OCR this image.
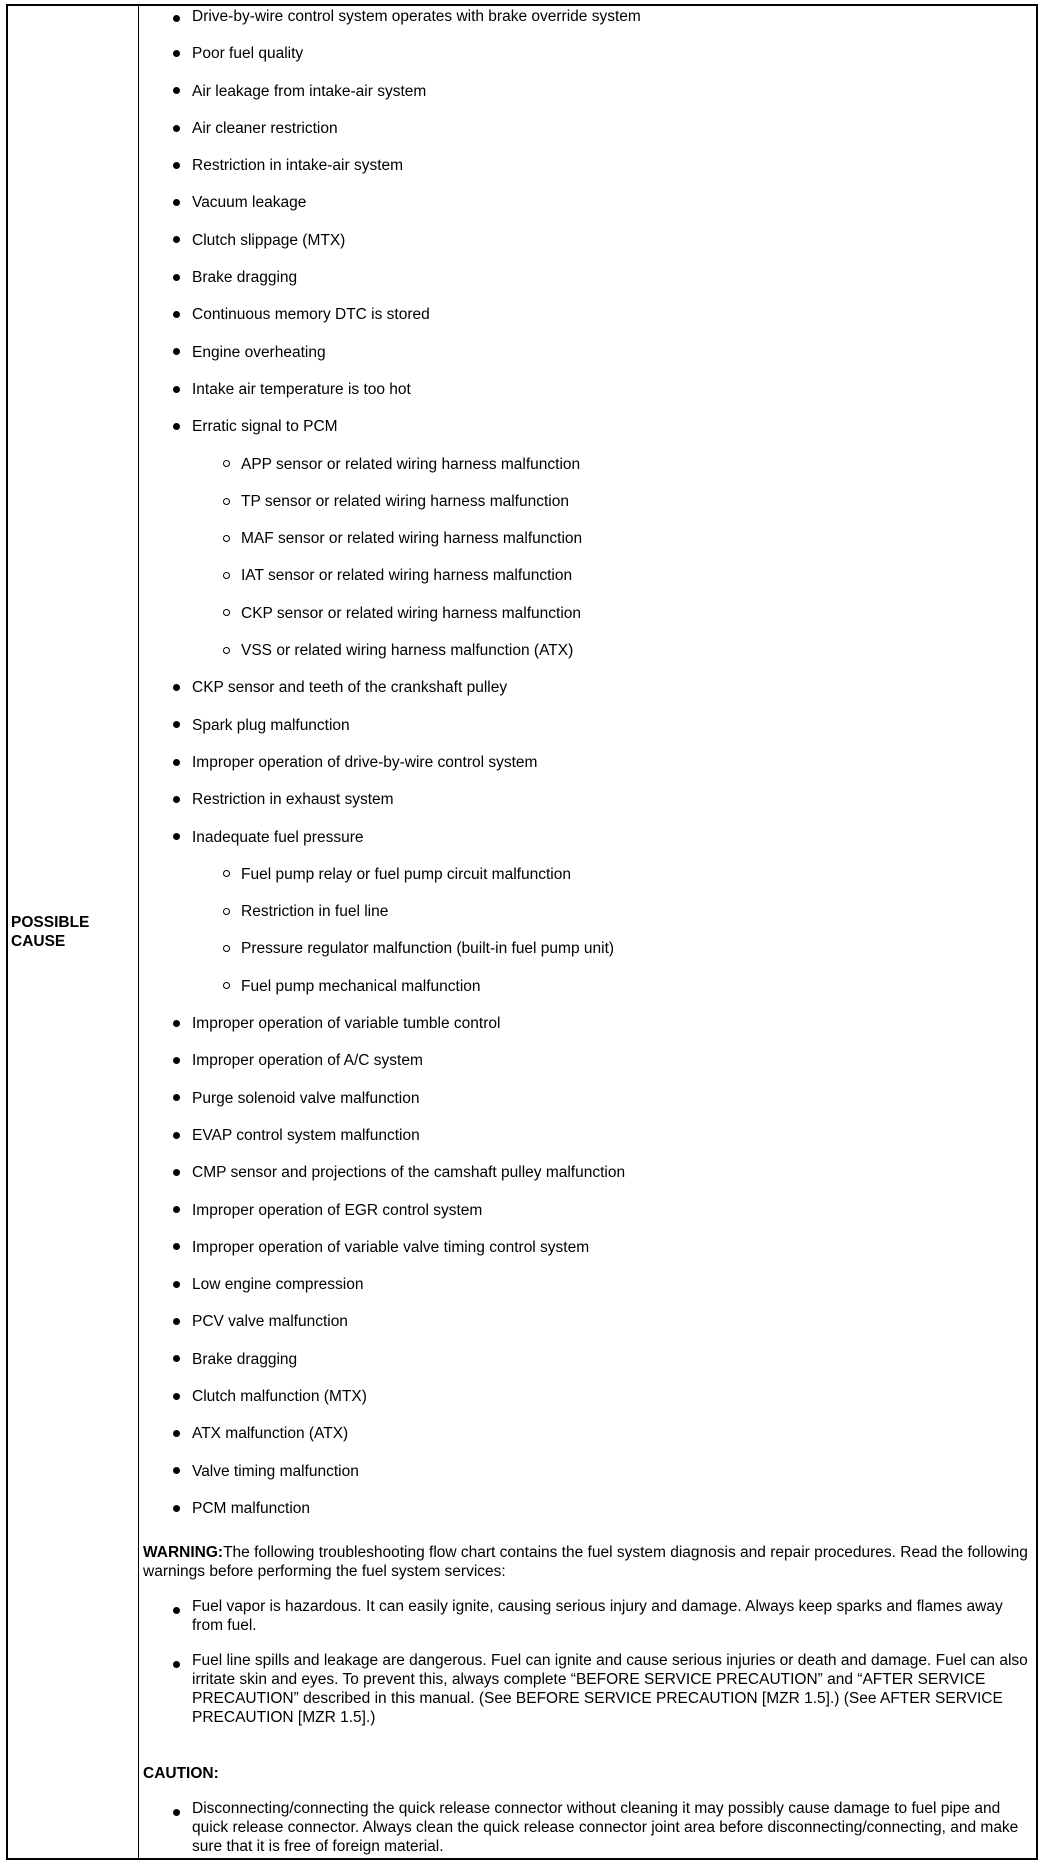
POSSIBLE
CAUSE
Drive-by-wire control system operates with brake override system
Poor fuel quality
Air leakage from intake-air system
Air cleaner restriction
Restriction in intake-air system
Vacuum leakage
Clutch slippage (MTX)
Brake dragging
Continuous memory DTC is stored
Engine overheating
Intake air temperature is too hot
Erratic signal to PCM
APP sensor or related wiring harness malfunction
TP sensor or related wiring harness malfunction
MAF sensor or related wiring harness malfunction
IAT sensor or related wiring harness malfunction
CKP sensor or related wiring harness malfunction
VSS or related wiring harness malfunction (ATX)
CKP sensor and teeth of the crankshaft pulley
Spark plug malfunction
Improper operation of drive-by-wire control system
Restriction in exhaust system
Inadequate fuel pressure
Fuel pump relay or fuel pump circuit malfunction
Restriction in fuel line
Pressure regulator malfunction (built-in fuel pump unit)
Fuel pump mechanical malfunction
Improper operation of variable tumble control
Improper operation of A/C system
Purge solenoid valve malfunction
EVAP control system malfunction
CMP sensor and projections of the camshaft pulley malfunction
Improper operation of EGR control system
Improper operation of variable valve timing control system
Low engine compression
PCV valve malfunction
Brake dragging
Clutch malfunction (MTX)
ATX malfunction (ATX)
Valve timing malfunction
PCM malfunction
WARNING:The following troubleshooting flow chart contains the fuel system diagnosis and repair procedures. Read the following warnings before performing the fuel system services:
Fuel vapor is hazardous. It can easily ignite, causing serious injury and damage. Always keep sparks and flames away from fuel.
Fuel line spills and leakage are dangerous. Fuel can ignite and cause serious injuries or death and damage. Fuel can also irritate skin and eyes. To prevent this, always complete “BEFORE SERVICE PRECAUTION” and “AFTER SERVICE PRECAUTION” described in this manual. (See BEFORE SERVICE PRECAUTION [MZR 1.5].) (See AFTER SERVICE PRECAUTION [MZR 1.5].)
CAUTION:
Disconnecting/connecting the quick release connector without cleaning it may possibly cause damage to fuel pipe and quick release connector. Always clean the quick release connector joint area before disconnecting/connecting, and make sure that it is free of foreign material.
